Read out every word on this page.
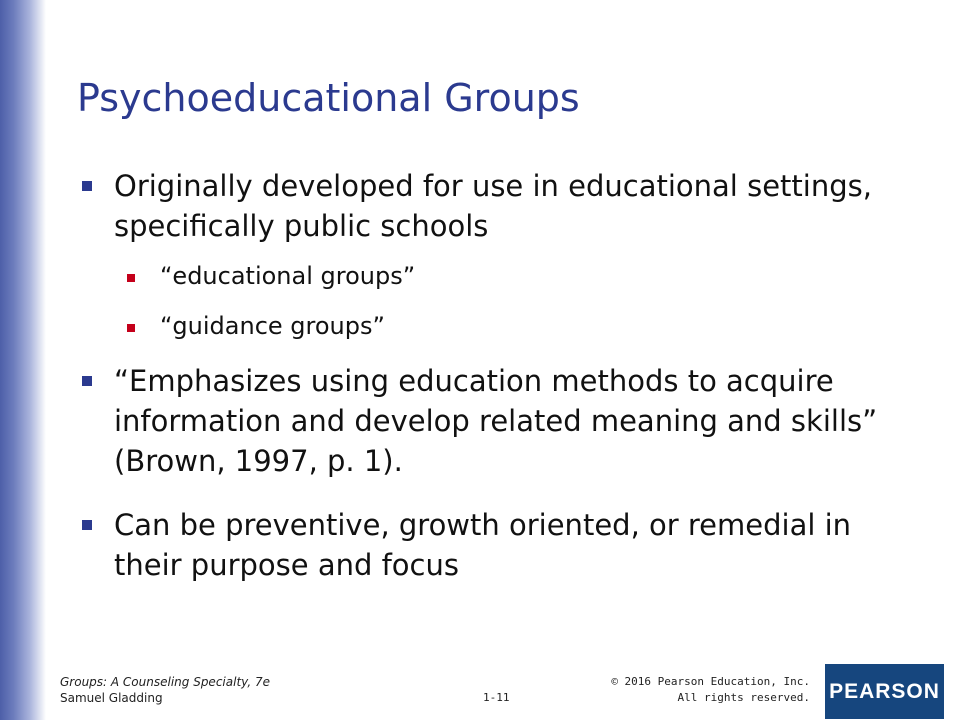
Psychoeducational Groups
Originally developed for use in educational settings, specifically public schools
“educational groups”
“guidance groups”
“Emphasizes using education methods to acquire information and develop related meaning and skills” (Brown, 1997, p. 1).
Can be preventive, growth oriented, or remedial in their purpose and focus
Groups: A Counseling Specialty, 7e
Samuel Gladding	1-11
© 2016 Pearson Education, Inc.
All rights reserved. PEARSON
